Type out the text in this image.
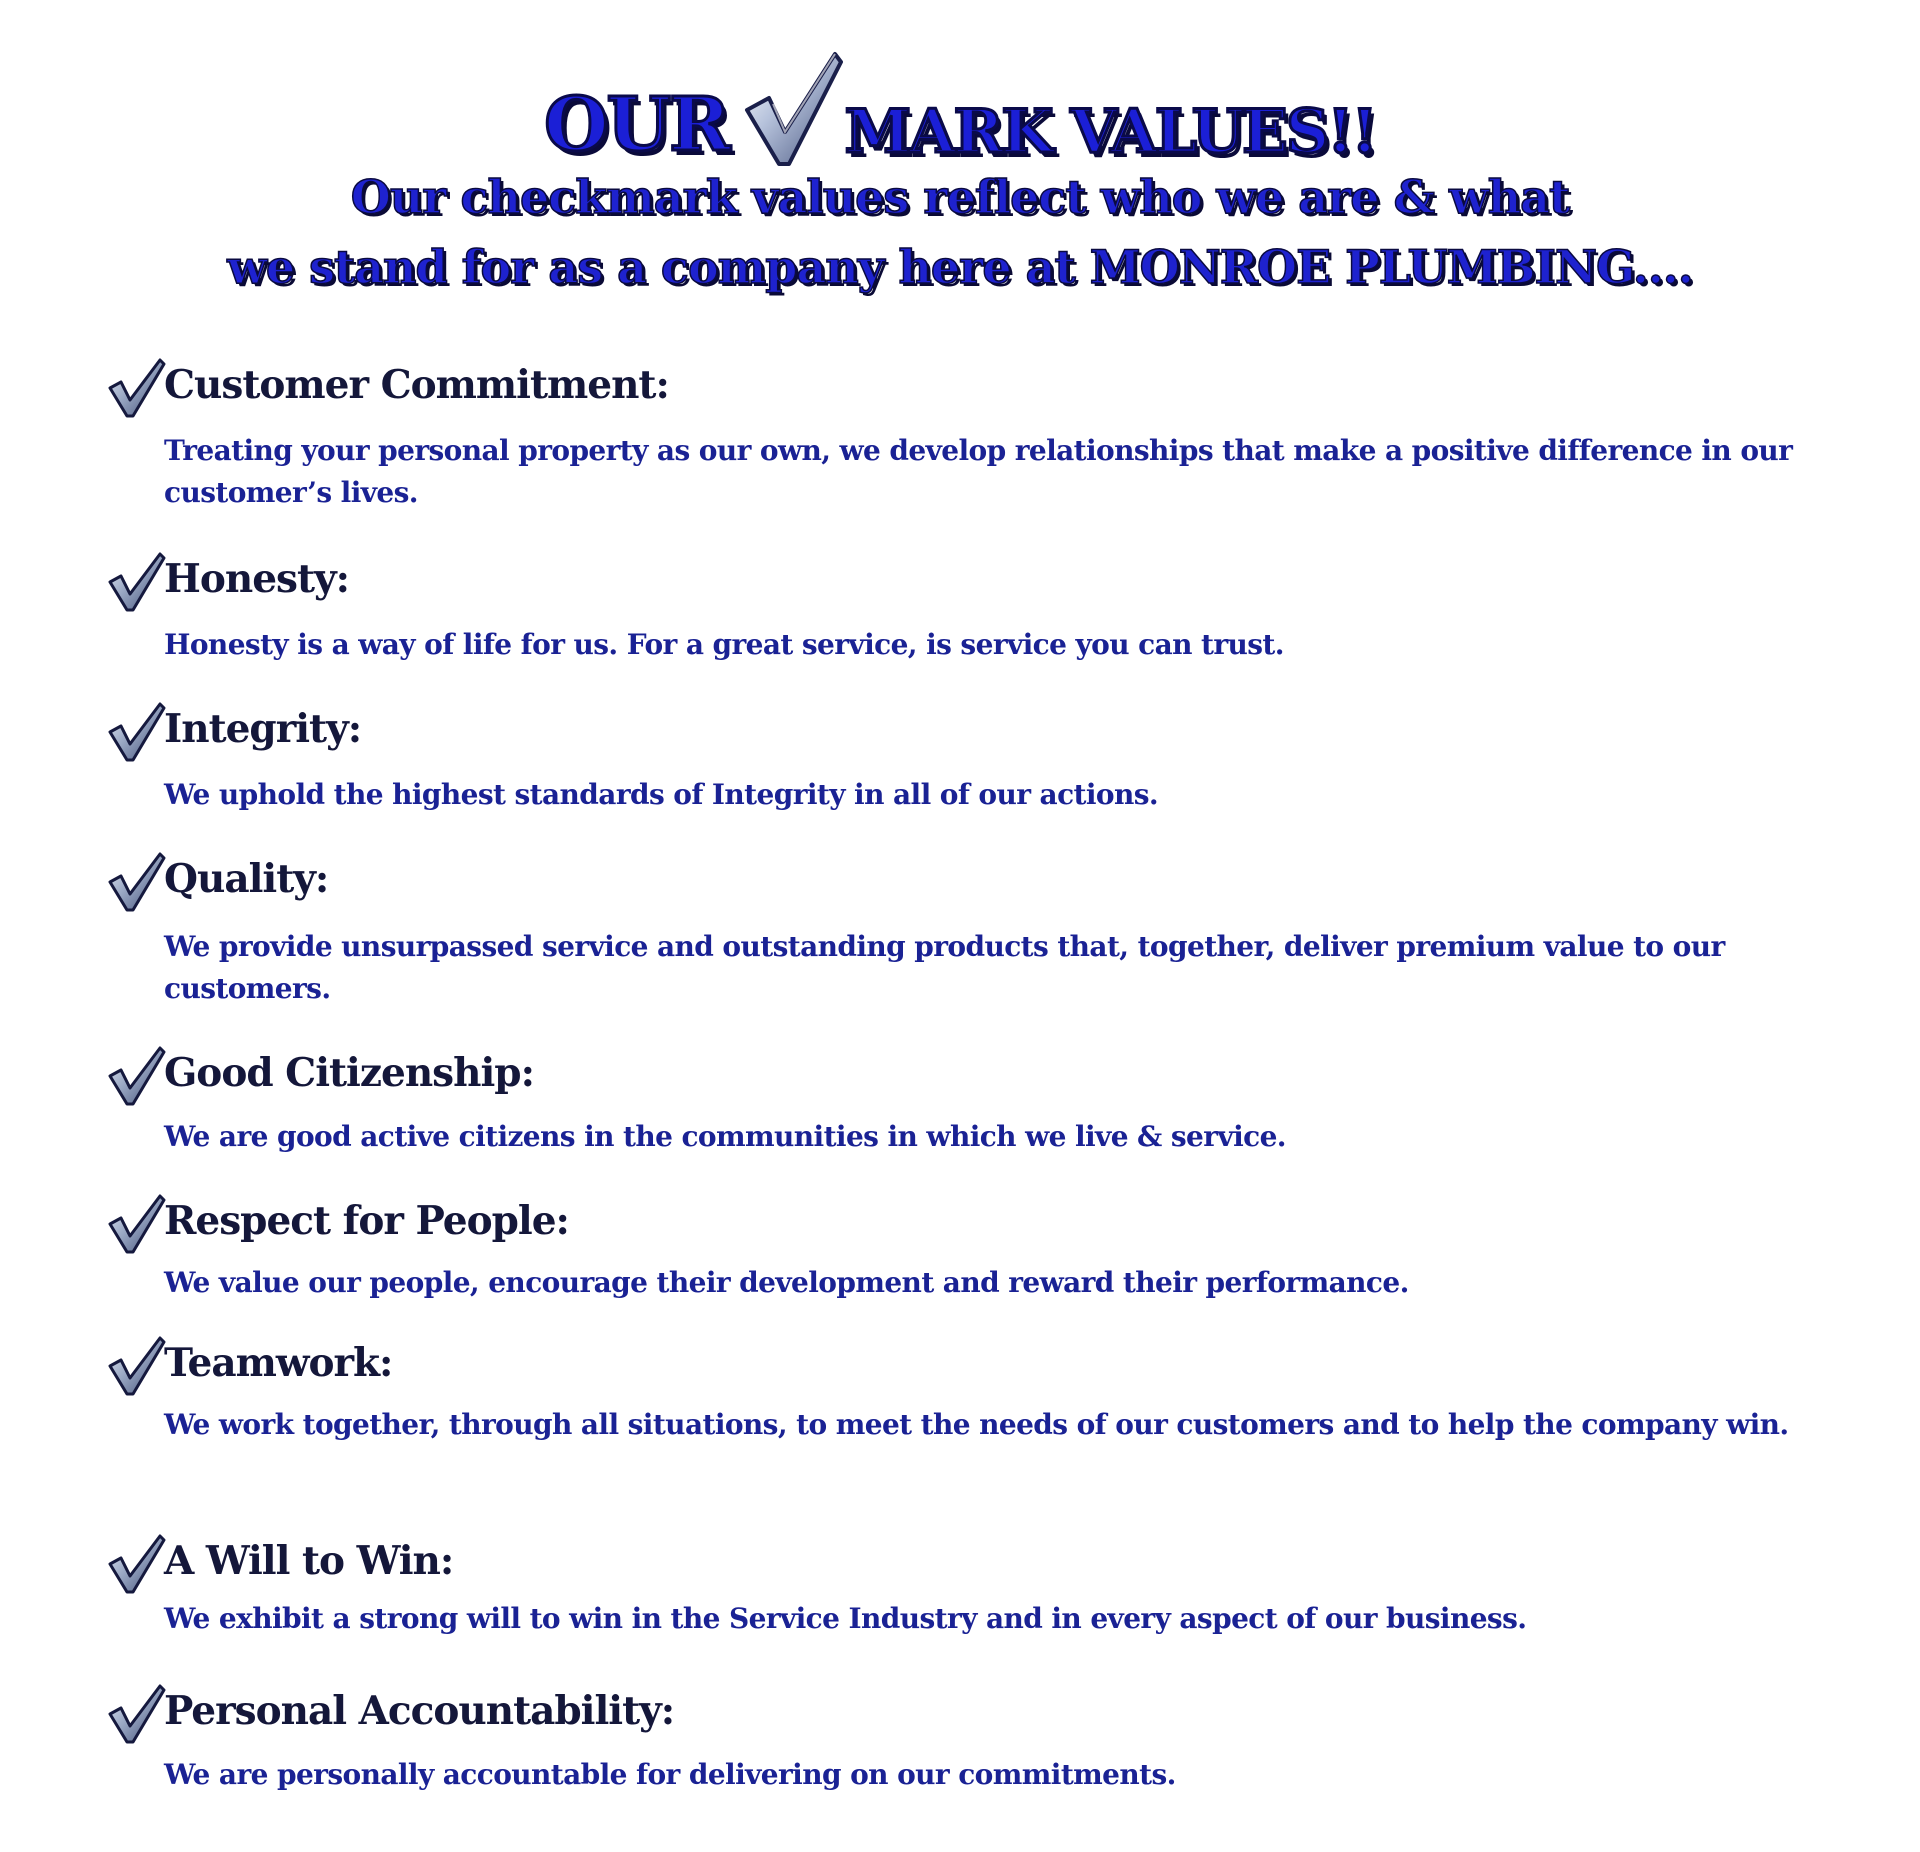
OUR MARK VALUES!!
Our checkmark values reflect who we are & what
we stand for as a company here at MONROE PLUMBING....
Customer Commitment:
Treating your personal property as our own, we develop relationships that make a positive difference in our customer’s lives.
Honesty:
Honesty is a way of life for us. For a great service, is service you can trust.
Integrity:
We uphold the highest standards of Integrity in all of our actions.
Quality:
We provide unsurpassed service and outstanding products that, together, deliver premium value to our customers.
Good Citizenship:
We are good active citizens in the communities in which we live & service.
Respect for People:
We value our people, encourage their development and reward their performance.
Teamwork:
We work together, through all situations, to meet the needs of our customers and to help the company win.
A Will to Win:
We exhibit a strong will to win in the Service Industry and in every aspect of our business.
Personal Accountability:
We are personally accountable for delivering on our commitments.
